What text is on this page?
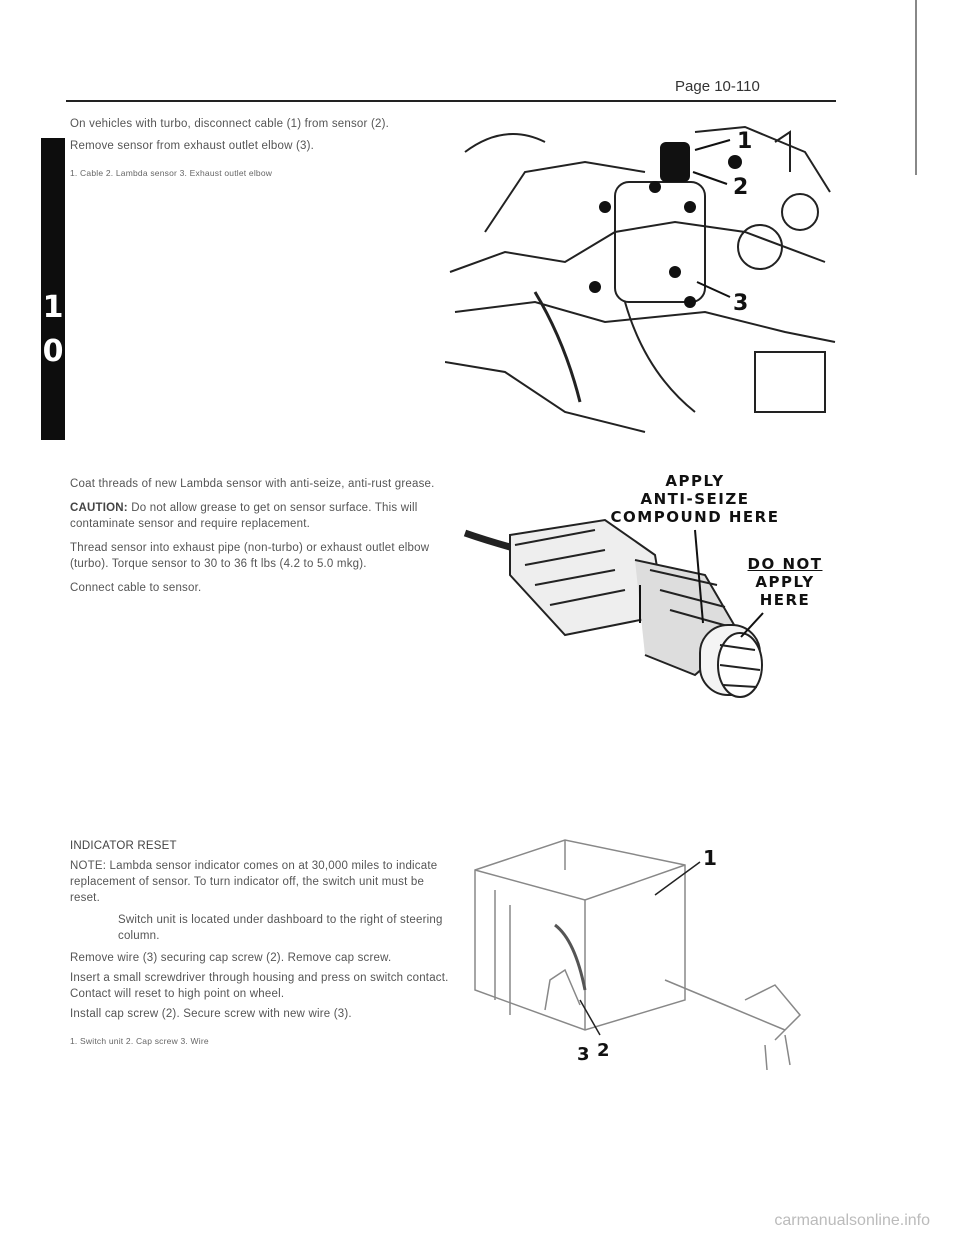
Page 10-110
1
0

On vehicles with turbo, disconnect cable (1) from sensor (2).

Remove sensor from exhaust outlet elbow (3).

1. Cable 2. Lambda sensor 3. Exhaust outlet elbow

1
2
3

Coat threads of new Lambda sensor with anti-seize, anti-rust grease.

CAUTION: Do not allow grease to get on sensor surface. This will contaminate sensor and require replacement.

Thread sensor into exhaust pipe (non-turbo) or exhaust outlet elbow (turbo). Torque sensor to 30 to 36 ft lbs (4.2 to 5.0 mkg).

Connect cable to sensor.

APPLY
ANTI-SEIZE
COMPOUND HERE
DO NOT
APPLY
HERE

INDICATOR RESET

NOTE: Lambda sensor indicator comes on at 30,000 miles to indicate replacement of sensor. To turn indicator off, the switch unit must be reset.

Switch unit is located under dashboard to the right of steering column.

Remove wire (3) securing cap screw (2). Remove cap screw.

Insert a small screwdriver through housing and press on switch contact. Contact will reset to high point on wheel.

Install cap screw (2). Secure screw with new wire (3).

1. Switch unit 2. Cap screw 3. Wire

1
3 2
carmanualsonline.info
